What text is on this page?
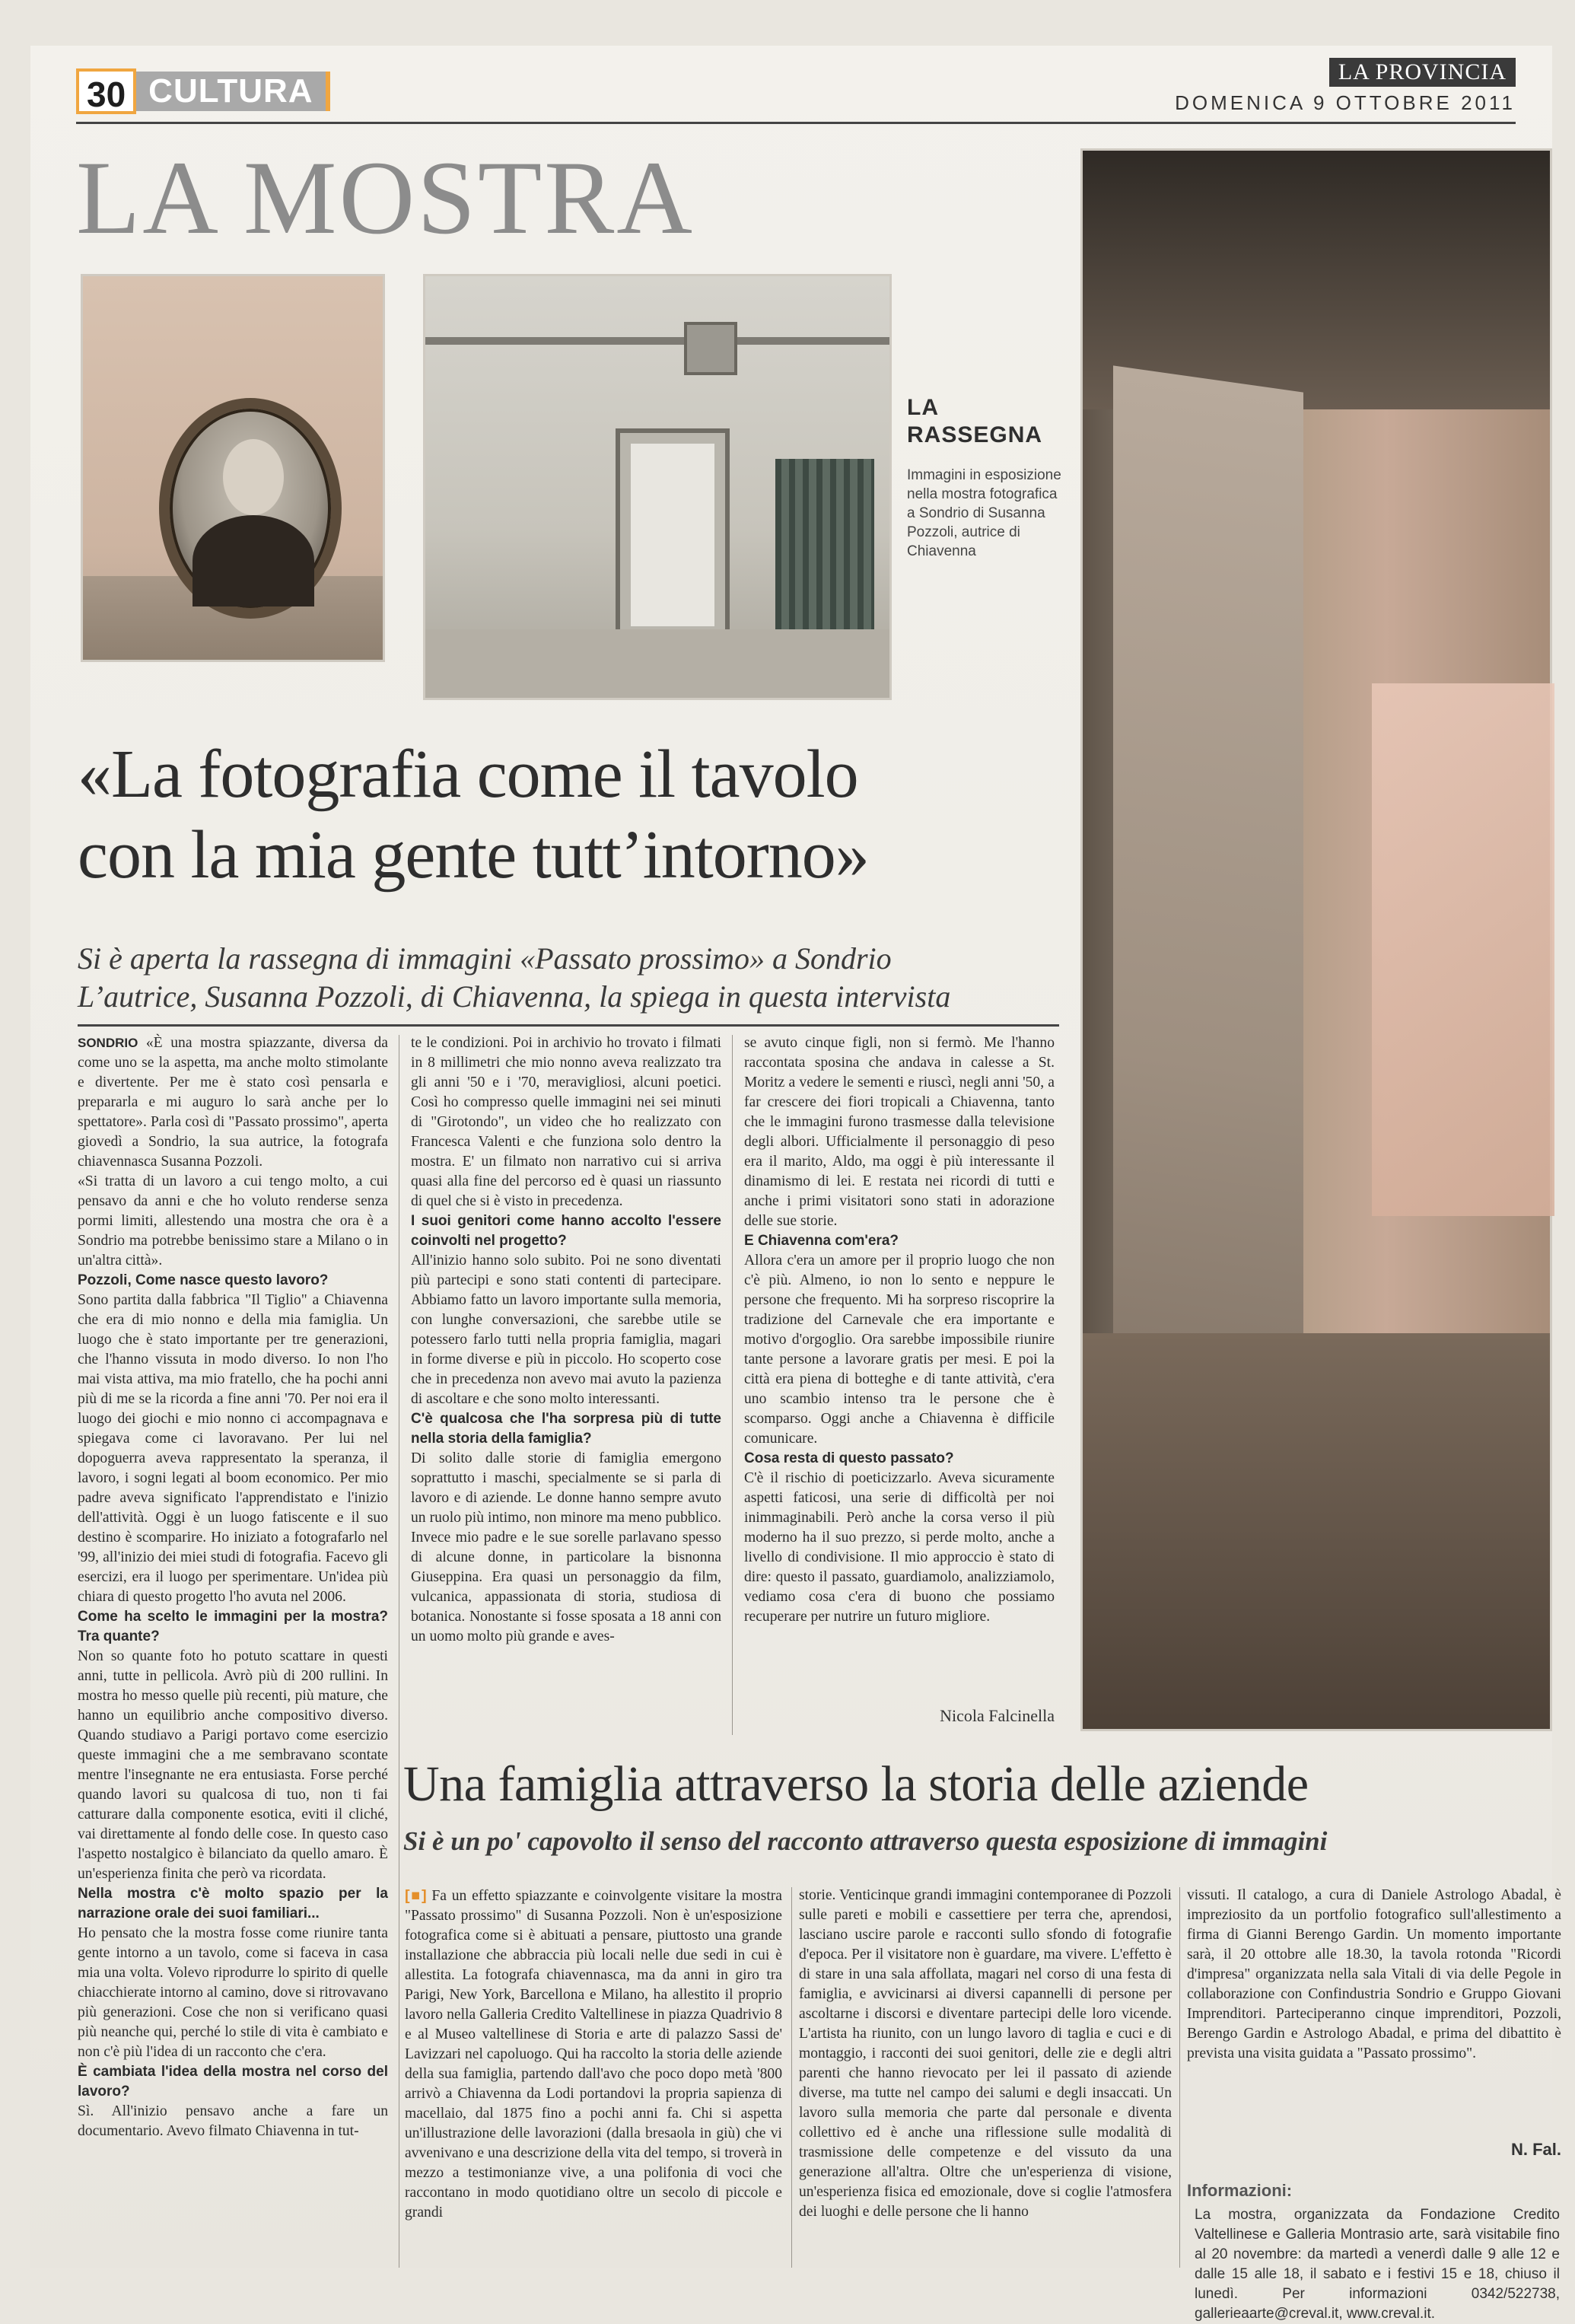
30 CULTURA
LA PROVINCIA
DOMENICA 9 OTTOBRE 2011
LA MOSTRA
LA
RASSEGNA
Immagini in esposizione nella mostra fotografica a Sondrio di Susanna Pozzoli, autrice di Chiavenna
«La fotografia come il tavolo
con la mia gente tutt’intorno»
Si è aperta la rassegna di immagini «Passato prossimo» a Sondrio
L’autrice, Susanna Pozzoli, di Chiavenna, la spiega in questa intervista

SONDRIO «È una mostra spiazzante, diversa da come uno se la aspetta, ma anche molto stimolante e divertente. Per me è stato così pensarla e prepararla e mi auguro lo sarà anche per lo spettatore». Parla così di "Passato prossimo", aperta giovedì a Sondrio, la sua autrice, la fotografa chiavennasca Susanna Pozzoli.

«Si tratta di un lavoro a cui tengo molto, a cui pensavo da anni e che ho voluto renderse senza pormi limiti, allestendo una mostra che ora è a Sondrio ma potrebbe benissimo stare a Milano o in un'altra città».

Pozzoli, Come nasce questo lavoro?

Sono partita dalla fabbrica "Il Tiglio" a Chiavenna che era di mio nonno e della mia famiglia. Un luogo che è stato importante per tre generazioni, che l'hanno vissuta in modo diverso. Io non l'ho mai vista attiva, ma mio fratello, che ha pochi anni più di me se la ricorda a fine anni '70. Per noi era il luogo dei giochi e mio nonno ci accompagnava e spiegava come ci lavoravano. Per lui nel dopoguerra aveva rappresentato la speranza, il lavoro, i sogni legati al boom economico. Per mio padre aveva significato l'apprendistato e l'inizio dell'attività. Oggi è un luogo fatiscente e il suo destino è scomparire. Ho iniziato a fotografarlo nel '99, all'inizio dei miei studi di fotografia. Facevo gli esercizi, era il luogo per sperimentare. Un'idea più chiara di questo progetto l'ho avuta nel 2006.

Come ha scelto le immagini per la mostra? Tra quante?

Non so quante foto ho potuto scattare in questi anni, tutte in pellicola. Avrò più di 200 rullini. In mostra ho messo quelle più recenti, più mature, che hanno un equilibrio anche compositivo diverso. Quando studiavo a Parigi portavo come esercizio queste immagini che a me sembravano scontate mentre l'insegnante ne era entusiasta. Forse perché quando lavori su qualcosa di tuo, non ti fai catturare dalla componente esotica, eviti il cliché, vai direttamente al fondo delle cose. In questo caso l'aspetto nostalgico è bilanciato da quello amaro. È un'esperienza finita che però va ricordata.

Nella mostra c'è molto spazio per la narrazione orale dei suoi familiari...

Ho pensato che la mostra fosse come riunire tanta gente intorno a un tavolo, come si faceva in casa mia una volta. Volevo riprodurre lo spirito di quelle chiacchierate intorno al camino, dove si ritrovavano più generazioni. Cose che non si verificano quasi più neanche qui, perché lo stile di vita è cambiato e non c'è più l'idea di un racconto che c'era.

È cambiata l'idea della mostra nel corso del lavoro?

Sì. All'inizio pensavo anche a fare un documentario. Avevo filmato Chiavenna in tut-

te le condizioni. Poi in archivio ho trovato i filmati in 8 millimetri che mio nonno aveva realizzato tra gli anni '50 e i '70, meravigliosi, alcuni poetici. Così ho compresso quelle immagini nei sei minuti di "Girotondo", un video che ho realizzato con Francesca Valenti e che funziona solo dentro la mostra. E' un filmato non narrativo cui si arriva quasi alla fine del percorso ed è quasi un riassunto di quel che si è visto in precedenza.

I suoi genitori come hanno accolto l'essere coinvolti nel progetto?

All'inizio hanno solo subito. Poi ne sono diventati più partecipi e sono stati contenti di partecipare. Abbiamo fatto un lavoro importante sulla memoria, con lunghe conversazioni, che sarebbe utile se potessero farlo tutti nella propria famiglia, magari in forme diverse e più in piccolo. Ho scoperto cose che in precedenza non avevo mai avuto la pazienza di ascoltare e che sono molto interessanti.

C'è qualcosa che l'ha sorpresa più di tutte nella storia della famiglia?

Di solito dalle storie di famiglia emergono soprattutto i maschi, specialmente se si parla di lavoro e di aziende. Le donne hanno sempre avuto un ruolo più intimo, non minore ma meno pubblico. Invece mio padre e le sue sorelle parlavano spesso di alcune donne, in particolare la bisnonna Giuseppina. Era quasi un personaggio da film, vulcanica, appassionata di storia, studiosa di botanica. Nonostante si fosse sposata a 18 anni con un uomo molto più grande e aves-

se avuto cinque figli, non si fermò. Me l'hanno raccontata sposina che andava in calesse a St. Moritz a vedere le sementi e riuscì, negli anni '50, a far crescere dei fiori tropicali a Chiavenna, tanto che le immagini furono trasmesse dalla televisione degli albori. Ufficialmente il personaggio di peso era il marito, Aldo, ma oggi è più interessante il dinamismo di lei. E restata nei ricordi di tutti e anche i primi visitatori sono stati in adorazione delle sue storie.

E Chiavenna com'era?

Allora c'era un amore per il proprio luogo che non c'è più. Almeno, io non lo sento e neppure le persone che frequento. Mi ha sorpreso riscoprire la tradizione del Carnevale che era importante e motivo d'orgoglio. Ora sarebbe impossibile riunire tante persone a lavorare gratis per mesi. E poi la città era piena di botteghe e di tante attività, c'era uno scambio intenso tra le persone che è scomparso. Oggi anche a Chiavenna è difficile comunicare.

Cosa resta di questo passato?

C'è il rischio di poeticizzarlo. Aveva sicuramente aspetti faticosi, una serie di difficoltà per noi inimmaginabili. Però anche la corsa verso il più moderno ha il suo prezzo, si perde molto, anche a livello di condivisione. Il mio approccio è stato di dire: questo il passato, guardiamolo, analizziamolo, vediamo cosa c'era di buono che possiamo recuperare per nutrire un futuro migliore.

Nicola Falcinella
Una famiglia attraverso la storia delle aziende
Si è un po' capovolto il senso del racconto attraverso questa esposizione di immagini
[■] Fa un effetto spiazzante e coinvolgente visitare la mostra "Passato prossimo" di Susanna Pozzoli. Non è un'esposizione fotografica come si è abituati a pensare, piuttosto una grande installazione che abbraccia più locali nelle due sedi in cui è allestita. La fotografa chiavennasca, ma da anni in giro tra Parigi, New York, Barcellona e Milano, ha allestito il proprio lavoro nella Galleria Credito Valtellinese in piazza Quadrivio 8 e al Museo valtellinese di Storia e arte di palazzo Sassi de' Lavizzari nel capoluogo. Qui ha raccolto la storia delle aziende della sua famiglia, partendo dall'avo che poco dopo metà '800 arrivò a Chiavenna da Lodi portandovi la propria sapienza di macellaio, dal 1875 fino a pochi anni fa. Chi si aspetta un'illustrazione delle lavorazioni (dalla bresaola in giù) che vi avvenivano e una descrizione della vita del tempo, si troverà in mezzo a testimonianze vive, a una polifonia di voci che raccontano in modo quotidiano oltre un secolo di piccole e grandi
storie. Venticinque grandi immagini contemporanee di Pozzoli sulle pareti e mobili e cassettiere per terra che, aprendosi, lasciano uscire parole e racconti sullo sfondo di fotografie d'epoca. Per il visitatore non è guardare, ma vivere. L'effetto è di stare in una sala affollata, magari nel corso di una festa di famiglia, e avvicinarsi ai diversi capannelli di persone per ascoltarne i discorsi e diventare partecipi delle loro vicende. L'artista ha riunito, con un lungo lavoro di taglia e cuci e di montaggio, i racconti dei suoi genitori, delle zie e degli altri parenti che hanno rievocato per lei il passato di aziende diverse, ma tutte nel campo dei salumi e degli insaccati. Un lavoro sulla memoria che parte dal personale e diventa collettivo ed è anche una riflessione sulle modalità di trasmissione delle competenze e del vissuto da una generazione all'altra. Oltre che un'esperienza di visione, un'esperienza fisica ed emozionale, dove si coglie l'atmosfera dei luoghi e delle persone che li hanno
vissuti. Il catalogo, a cura di Daniele Astrologo Abadal, è impreziosito da un portfolio fotografico sull'allestimento a firma di Gianni Berengo Gardin. Un momento importante sarà, il 20 ottobre alle 18.30, la tavola rotonda "Ricordi d'impresa" organizzata nella sala Vitali di via delle Pegole in collaborazione con Confindustria Sondrio e Gruppo Giovani Imprenditori. Parteciperanno cinque imprenditori, Pozzoli, Berengo Gardin e Astrologo Abadal, e prima del dibattito è prevista una visita guidata a "Passato prossimo".
N. Fal.
Informazioni:
La mostra, organizzata da Fondazione Credito Valtellinese e Galleria Montrasio arte, sarà visitabile fino al 20 novembre: da martedì a venerdì dalle 9 alle 12 e dalle 15 alle 18, il sabato e i festivi 15 e 18, chiuso il lunedì. Per informazioni 0342/522738, gallerieaarte@creval.it, www.creval.it.
